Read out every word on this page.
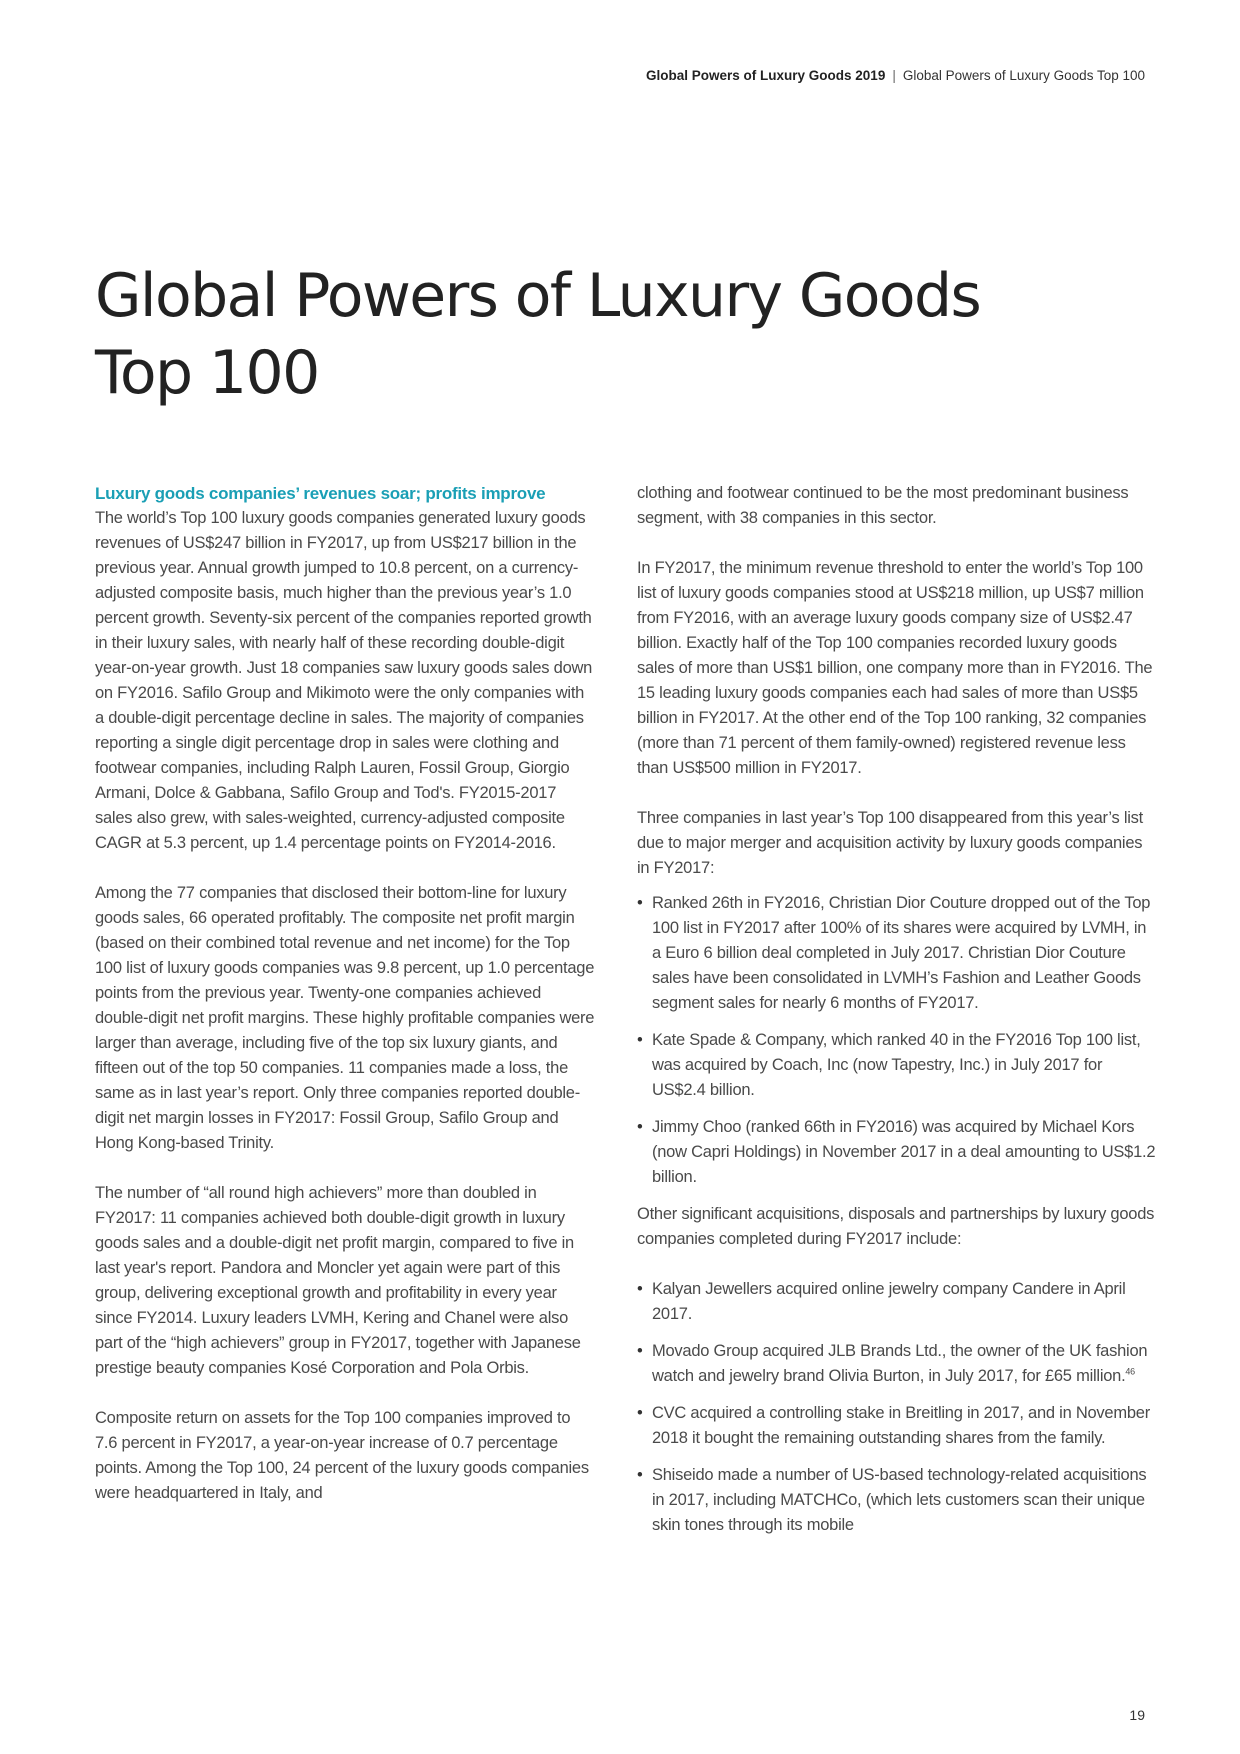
Global Powers of Luxury Goods 2019 | Global Powers of Luxury Goods Top 100
Global Powers of Luxury Goods
Top 100
Luxury goods companies’ revenues soar; profits improve

The world’s Top 100 luxury goods companies generated luxury goods revenues of US$247 billion in FY2017, up from US$217 billion in the previous year. Annual growth jumped to 10.8 percent, on a currency-adjusted composite basis, much higher than the previous year’s 1.0 percent growth. Seventy-six percent of the companies reported growth in their luxury sales, with nearly half of these recording double-digit year-on-year growth. Just 18 companies saw luxury goods sales down on FY2016. Safilo Group and Mikimoto were the only companies with a double-digit percentage decline in sales. The majority of companies reporting a single digit percentage drop in sales were clothing and footwear companies, including Ralph Lauren, Fossil Group, Giorgio Armani, Dolce & Gabbana, Safilo Group and Tod's. FY2015-2017 sales also grew, with sales-weighted, currency-adjusted composite CAGR at 5.3 percent, up 1.4 percentage points on FY2014-2016.

Among the 77 companies that disclosed their bottom-line for luxury goods sales, 66 operated profitably. The composite net profit margin (based on their combined total revenue and net income) for the Top 100 list of luxury goods companies was 9.8 percent, up 1.0 percentage points from the previous year. Twenty-one companies achieved double-digit net profit margins. These highly profitable companies were larger than average, including five of the top six luxury giants, and fifteen out of the top 50 companies. 11 companies made a loss, the same as in last year’s report. Only three companies reported double-digit net margin losses in FY2017: Fossil Group, Safilo Group and Hong Kong-based Trinity.

The number of “all round high achievers” more than doubled in FY2017: 11 companies achieved both double-digit growth in luxury goods sales and a double-digit net profit margin, compared to five in last year's report. Pandora and Moncler yet again were part of this group, delivering exceptional growth and profitability in every year since FY2014. Luxury leaders LVMH, Kering and Chanel were also part of the “high achievers” group in FY2017, together with Japanese prestige beauty companies Kosé Corporation and Pola Orbis.

Composite return on assets for the Top 100 companies improved to 7.6 percent in FY2017, a year-on-year increase of 0.7 percentage points. Among the Top 100, 24 percent of the luxury goods companies were headquartered in Italy, and

clothing and footwear continued to be the most predominant business segment, with 38 companies in this sector.

In FY2017, the minimum revenue threshold to enter the world’s Top 100 list of luxury goods companies stood at US$218 million, up US$7 million from FY2016, with an average luxury goods company size of US$2.47 billion. Exactly half of the Top 100 companies recorded luxury goods sales of more than US$1 billion, one company more than in FY2016. The 15 leading luxury goods companies each had sales of more than US$5 billion in FY2017. At the other end of the Top 100 ranking, 32 companies (more than 71 percent of them family-owned) registered revenue less than US$500 million in FY2017.

Three companies in last year’s Top 100 disappeared from this year’s list due to major merger and acquisition activity by luxury goods companies in FY2017:

• Ranked 26th in FY2016, Christian Dior Couture dropped out of the Top 100 list in FY2017 after 100% of its shares were acquired by LVMH, in a Euro 6 billion deal completed in July 2017. Christian Dior Couture sales have been consolidated in LVMH’s Fashion and Leather Goods segment sales for nearly 6 months of FY2017.
• Kate Spade & Company, which ranked 40 in the FY2016 Top 100 list, was acquired by Coach, Inc (now Tapestry, Inc.) in July 2017 for US$2.4 billion.
• Jimmy Choo (ranked 66th in FY2016) was acquired by Michael Kors (now Capri Holdings) in November 2017 in a deal amounting to US$1.2 billion.

Other significant acquisitions, disposals and partnerships by luxury goods companies completed during FY2017 include:

• Kalyan Jewellers acquired online jewelry company Candere in April 2017.
• Movado Group acquired JLB Brands Ltd., the owner of the UK fashion watch and jewelry brand Olivia Burton, in July 2017, for £65 million.$^{46}$
• CVC acquired a controlling stake in Breitling in 2017, and in November 2018 it bought the remaining outstanding shares from the family.
• Shiseido made a number of US-based technology-related acquisitions in 2017, including MATCHCo, (which lets customers scan their unique skin tones through its mobile
19
